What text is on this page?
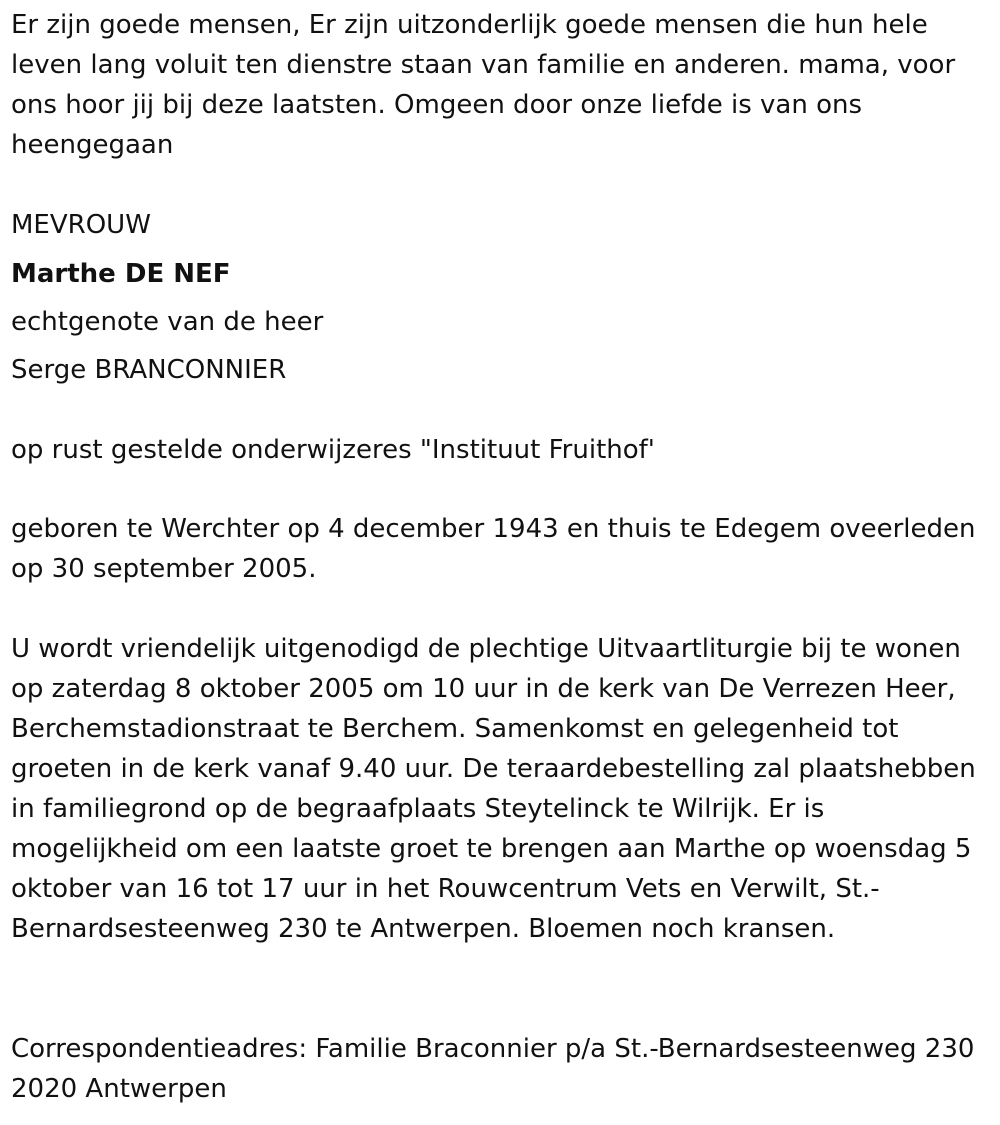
Er zijn goede mensen, Er zijn uitzonderlijk goede mensen die hun hele leven lang voluit ten dienstre staan van familie en anderen. mama, voor ons hoor jij bij deze laatsten. Omgeen door onze liefde is van ons heengegaan

MEVROUW

Marthe DE NEF

echtgenote van de heer

Serge BRANCONNIER

op rust gestelde onderwijzeres "Instituut Fruithof'

geboren te Werchter op 4 december 1943 en thuis te Edegem oveerleden op 30 september 2005.

U wordt vriendelijk uitgenodigd de plechtige Uitvaartliturgie bij te wonen op zaterdag 8 oktober 2005 om 10 uur in de kerk van De Verrezen Heer, Berchemstadionstraat te Berchem. Samenkomst en gelegenheid tot groeten in de kerk vanaf 9.40 uur. De teraardebestelling zal plaatshebben in familiegrond op de begraafplaats Steytelinck te Wilrijk. Er is mogelijkheid om een laatste groet te brengen aan Marthe op woensdag 5 oktober van 16 tot 17 uur in het Rouwcentrum Vets en Verwilt, St.-Bernardsesteenweg 230 te Antwerpen. Bloemen noch kransen.

Correspondentieadres: Familie Braconnier p/a St.-Bernardsesteenweg 230 2020 Antwerpen
